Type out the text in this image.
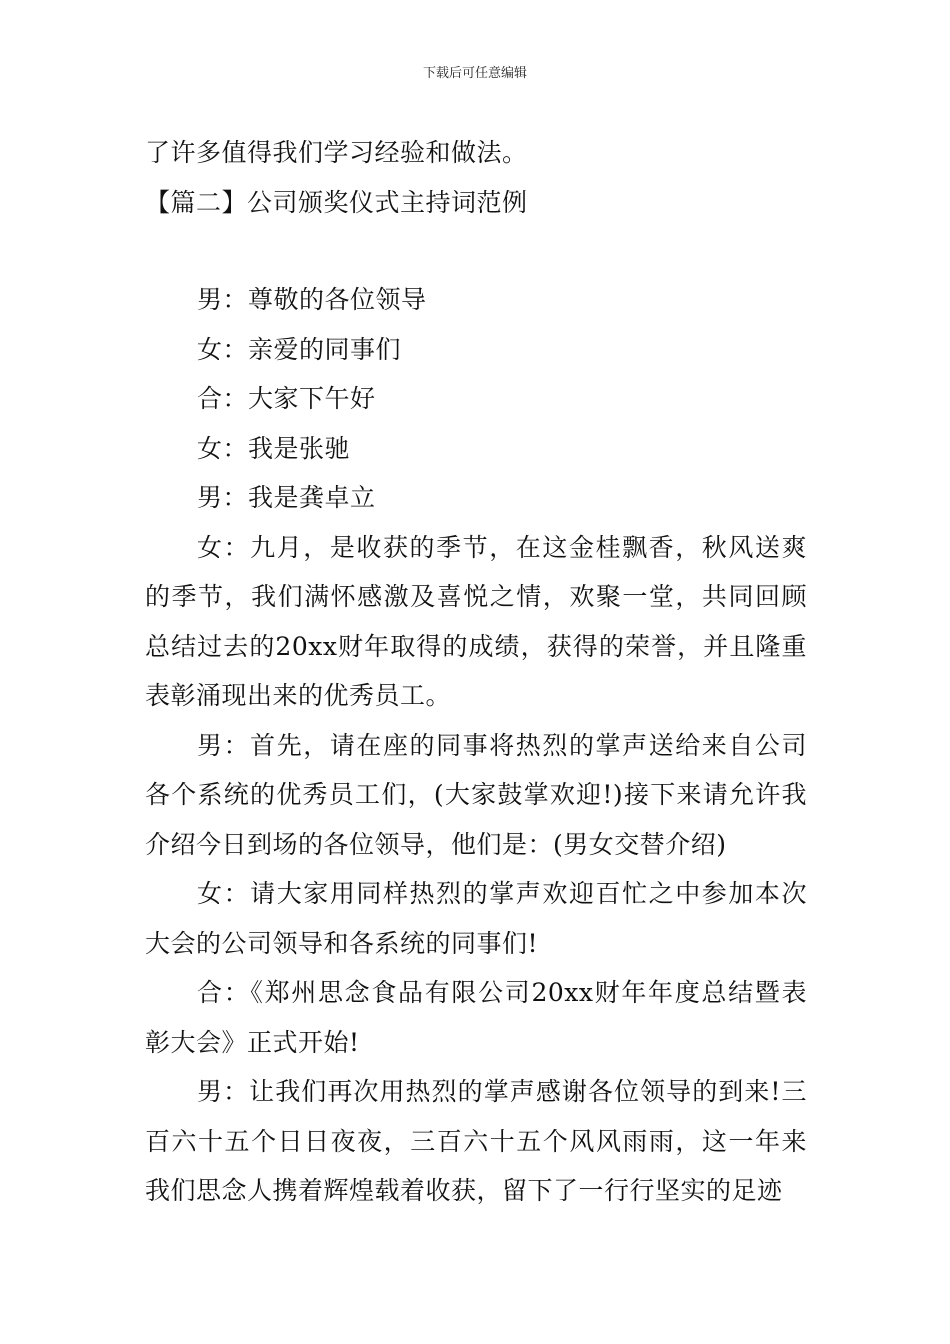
下载后可任意编辑
了许多值得我们学习经验和做法。
【篇二】公司颁奖仪式主持词范例
男：尊敬的各位领导
女：亲爱的同事们
合：大家下午好
女：我是张驰
男：我是龚卓立
女：九月，是收获的季节，在这金桂飘香，秋风送爽的季节，我们满怀感激及喜悦之情，欢聚一堂，共同回顾总结过去的20xx财年取得的成绩，获得的荣誉，并且隆重表彰涌现出来的优秀员工。
男：首先，请在座的同事将热烈的掌声送给来自公司各个系统的优秀员工们，(大家鼓掌欢迎!)接下来请允许我介绍今日到场的各位领导，他们是：(男女交替介绍)
女：请大家用同样热烈的掌声欢迎百忙之中参加本次大会的公司领导和各系统的同事们!
合：《郑州思念食品有限公司20xx财年年度总结暨表彰大会》正式开始!
男：让我们再次用热烈的掌声感谢各位领导的到来!三百六十五个日日夜夜，三百六十五个风风雨雨，这一年来我们思念人携着辉煌载着收获，留下了一行行坚实的足迹
